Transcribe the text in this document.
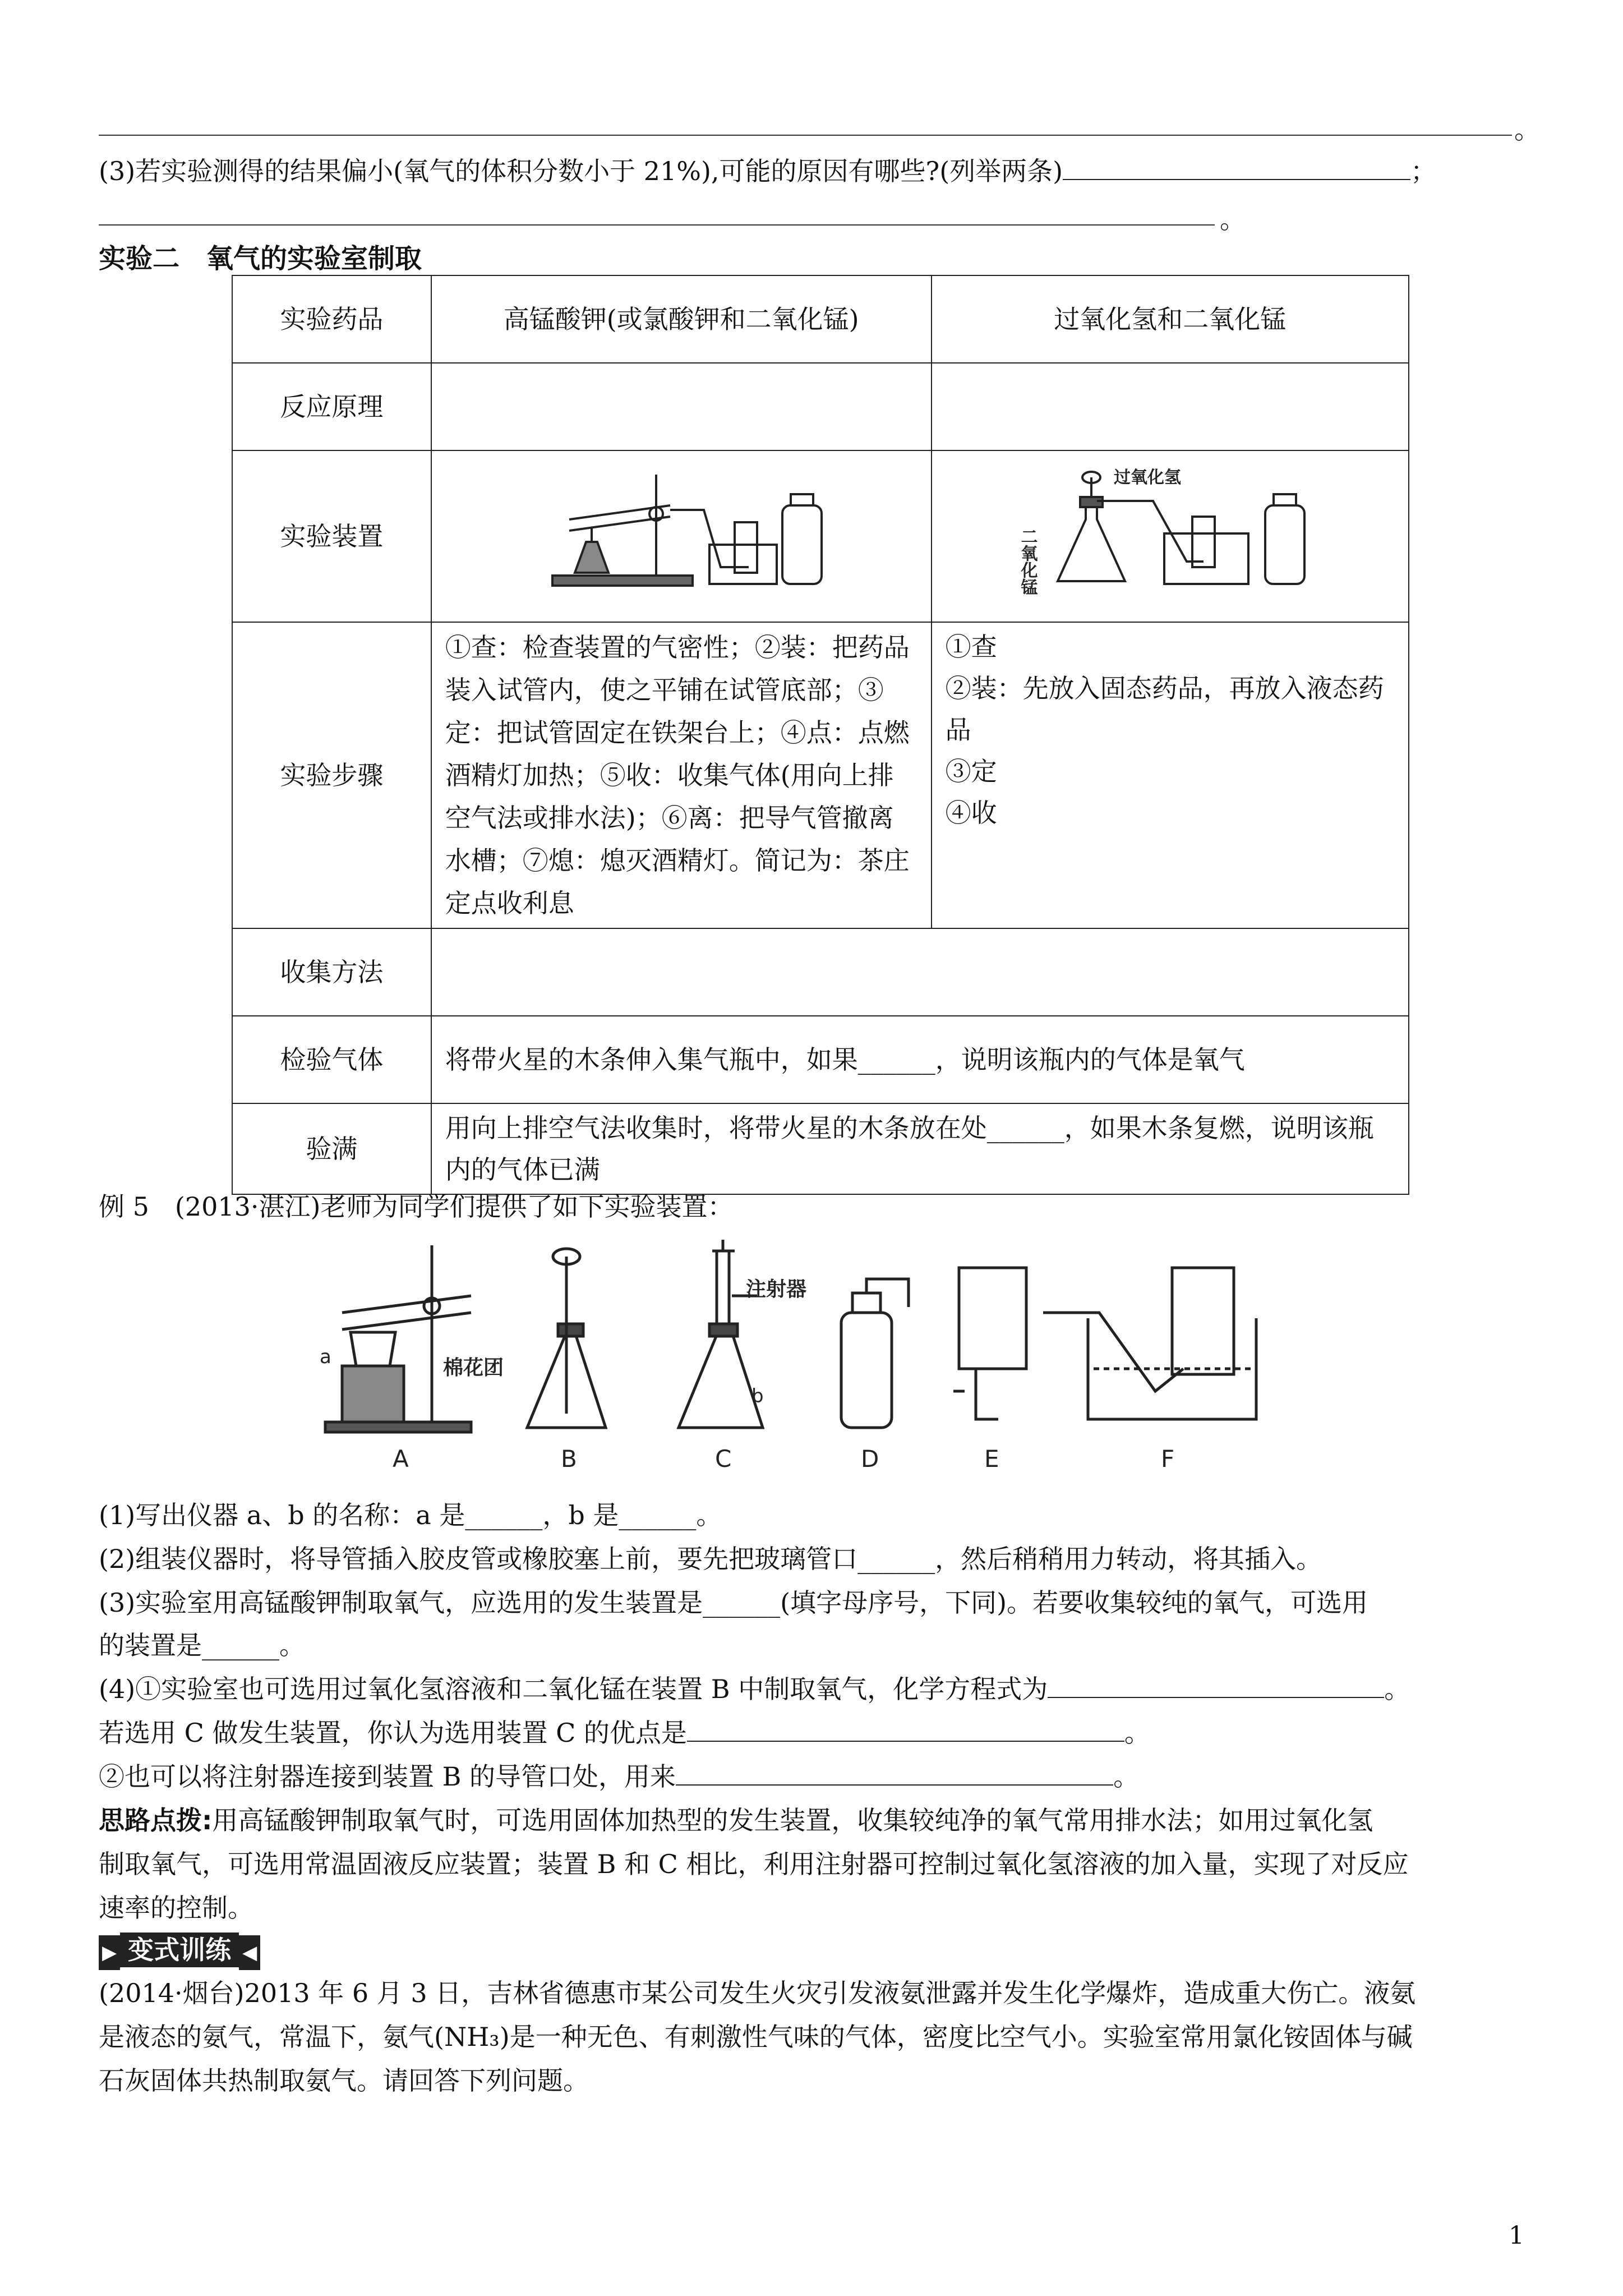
。
(3)若实验测得的结果偏小(氧气的体积分数小于 21%),可能的原因有哪些?(列举两条)	；
。
实验二　氧气的实验室制取
实验药品	高锰酸钾(或氯酸钾和二氧化锰)	过氧化氢和二氧化锰
反应原理		
实验装置		过氧化氢
二氧化锰

实验步骤	①查：检查装置的气密性；②装：把药品装入试管内，使之平铺在试管底部；③定：把试管固定在铁架台上；④点：点燃酒精灯加热；⑤收：收集气体(用向上排空气法或排水法)；⑥离：把导气管撤离水槽；⑦熄：熄灭酒精灯。简记为：茶庄定点收利息	①查
②装：先放入固态药品，再放入液态药品
③定
④收

收集方法		
检验气体	将带火星的木条伸入集气瓶中，如果______，说明该瓶内的气体是氧气	
验满	用向上排空气法收集时，将带火星的木条放在处______，如果木条复燃，说明该瓶内的气体已满	
例 5　(2013·湛江)老师为同学们提供了如下实验装置：
A	B	C	D	E	F
a
b
棉花团
注射器
(1)写出仪器 a、b 的名称：a 是______，b 是______。
(2)组装仪器时，将导管插入胶皮管或橡胶塞上前，要先把玻璃管口______，然后稍稍用力转动，将其插入。
(3)实验室用高锰酸钾制取氧气，应选用的发生装置是______(填字母序号，下同)。若要收集较纯的氧气，可选用
的装置是______。
(4)①实验室也可选用过氧化氢溶液和二氧化锰在装置 B 中制取氧气，化学方程式为	。
若选用 C 做发生装置，你认为选用装置 C 的优点是	。
②也可以将注射器连接到装置 B 的导管口处，用来	。
思路点拨:用高锰酸钾制取氧气时，可选用固体加热型的发生装置，收集较纯净的氧气常用排水法；如用过氧化氢
制取氧气，可选用常温固液反应装置；装置 B 和 C 相比，利用注射器可控制过氧化氢溶液的加入量，实现了对反应
速率的控制。
▶ 变式训练 ◀
(2014·烟台)2013 年 6 月 3 日，吉林省德惠市某公司发生火灾引发液氨泄露并发生化学爆炸，造成重大伤亡。液氨
是液态的氨气，常温下，氨气(NH₃)是一种无色、有刺激性气味的气体，密度比空气小。实验室常用氯化铵固体与碱
石灰固体共热制取氨气。请回答下列问题。
1
